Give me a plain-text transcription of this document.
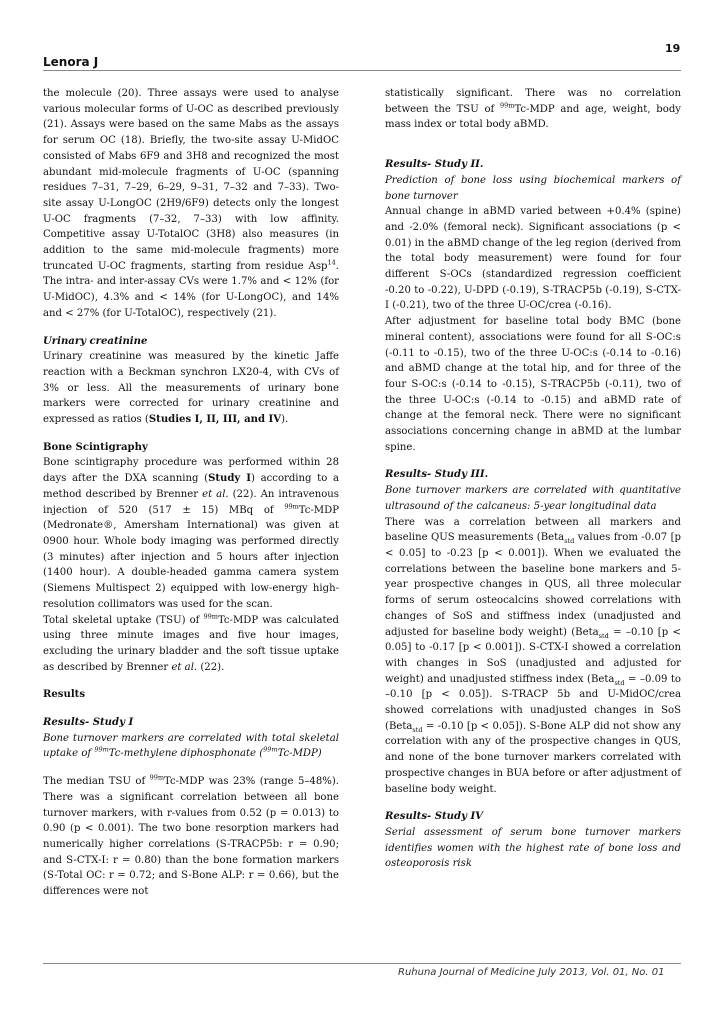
Lenora J
19

the molecule (20). Three assays were used to analyse various molecular forms of U-OC as described previously (21). Assays were based on the same Mabs as the assays for serum OC (18). Briefly, the two-site assay U-MidOC consisted of Mabs 6F9 and 3H8 and recognized the most abundant mid-molecule fragments of U-OC (spanning residues 7–31, 7–29, 6–29, 9–31, 7–32 and 7–33). Two-site assay U-LongOC (2H9/6F9) detects only the longest U-OC fragments (7–32, 7–33) with low affinity. Competitive assay U-TotalOC (3H8) also measures (in addition to the same mid-molecule fragments) more truncated U-OC fragments, starting from residue Asp$^{14}$. The intra- and inter-assay CVs were 1.7% and < 12% (for U-MidOC), 4.3% and < 14% (for U-LongOC), and 14% and < 27% (for U-TotalOC), respectively (21).

Urinary creatinine

Urinary creatinine was measured by the kinetic Jaffe reaction with a Beckman synchron LX20-4, with CVs of 3% or less. All the measurements of urinary bone markers were corrected for urinary creatinine and expressed as ratios (Studies I, II, III, and IV).

Bone Scintigraphy

Bone scintigraphy procedure was performed within 28 days after the DXA scanning (Study I) according to a method described by Brenner et al. (22). An intravenous injection of 520 (517 ± 15) MBq of $^{99m}$Tc-MDP (Medronate®, Amersham International) was given at 0900 hour. Whole body imaging was performed directly (3 minutes) after injection and 5 hours after injection (1400 hour). A double-headed gamma camera system (Siemens Multispect 2) equipped with low-energy high-resolution collimators was used for the scan.

Total skeletal uptake (TSU) of $^{99m}$Tc-MDP was calculated using three minute images and five hour images, excluding the urinary bladder and the soft tissue uptake as described by Brenner et al. (22).

Results

Results- Study I

Bone turnover markers are correlated with total skeletal uptake of $^{99m}$Tc-methylene diphosphonate ($^{99m}$Tc-MDP)

The median TSU of $^{99m}$Tc-MDP was 23% (range 5–48%). There was a significant correlation between all bone turnover markers, with r-values from 0.52 (p = 0.013) to 0.90 (p < 0.001). The two bone resorption markers had numerically higher correlations (S-TRACP5b: r = 0.90; and S-CTX-I: r = 0.80) than the bone formation markers (S-Total OC: r = 0.72; and S-Bone ALP: r = 0.66), but the differences were not

statistically significant. There was no correlation between the TSU of $^{99m}$Tc-MDP and age, weight, body mass index or total body aBMD.

Results- Study II.

Prediction of bone loss using biochemical markers of bone turnover

Annual change in aBMD varied between +0.4% (spine) and -2.0% (femoral neck). Significant associations (p < 0.01) in the aBMD change of the leg region (derived from the total body measurement) were found for four different S-OCs (standardized regression coefficient -0.20 to -0.22), U-DPD (-0.19), S-TRACP5b (-0.19), S-CTX-I (-0.21), two of the three U-OC/crea (-0.16).

After adjustment for baseline total body BMC (bone mineral content), associations were found for all S-OC:s (-0.11 to -0.15), two of the three U-OC:s (-0.14 to -0.16) and aBMD change at the total hip, and for three of the four S-OC:s (-0.14 to -0.15), S-TRACP5b (-0.11), two of the three U-OC:s (-0.14 to -0.15) and aBMD rate of change at the femoral neck. There were no significant associations concerning change in aBMD at the lumbar spine.

Results- Study III.

Bone turnover markers are correlated with quantitative ultrasound of the calcaneus: 5-year longitudinal data

There was a correlation between all markers and baseline QUS measurements (Beta$_{std}$ values from -0.07 [p < 0.05] to -0.23 [p < 0.001]). When we evaluated the correlations between the baseline bone markers and 5-year prospective changes in QUS, all three molecular forms of serum osteocalcins showed correlations with changes of SoS and stiffness index (unadjusted and adjusted for baseline body weight) (Beta$_{std}$ = –0.10 [p < 0.05] to -0.17 [p < 0.001]). S-CTX-I showed a correlation with changes in SoS (unadjusted and adjusted for weight) and unadjusted stiffness index (Beta$_{std}$ = –0.09 to –0.10 [p < 0.05]). S-TRACP 5b and U-MidOC/crea showed correlations with unadjusted changes in SoS (Beta$_{std}$ = -0.10 [p < 0.05]). S-Bone ALP did not show any correlation with any of the prospective changes in QUS, and none of the bone turnover markers correlated with prospective changes in BUA before or after adjustment of baseline body weight.

Results- Study IV

Serial assessment of serum bone turnover markers identifies women with the highest rate of bone loss and osteoporosis risk

Ruhuna Journal of Medicine July 2013, Vol. 01, No. 01
